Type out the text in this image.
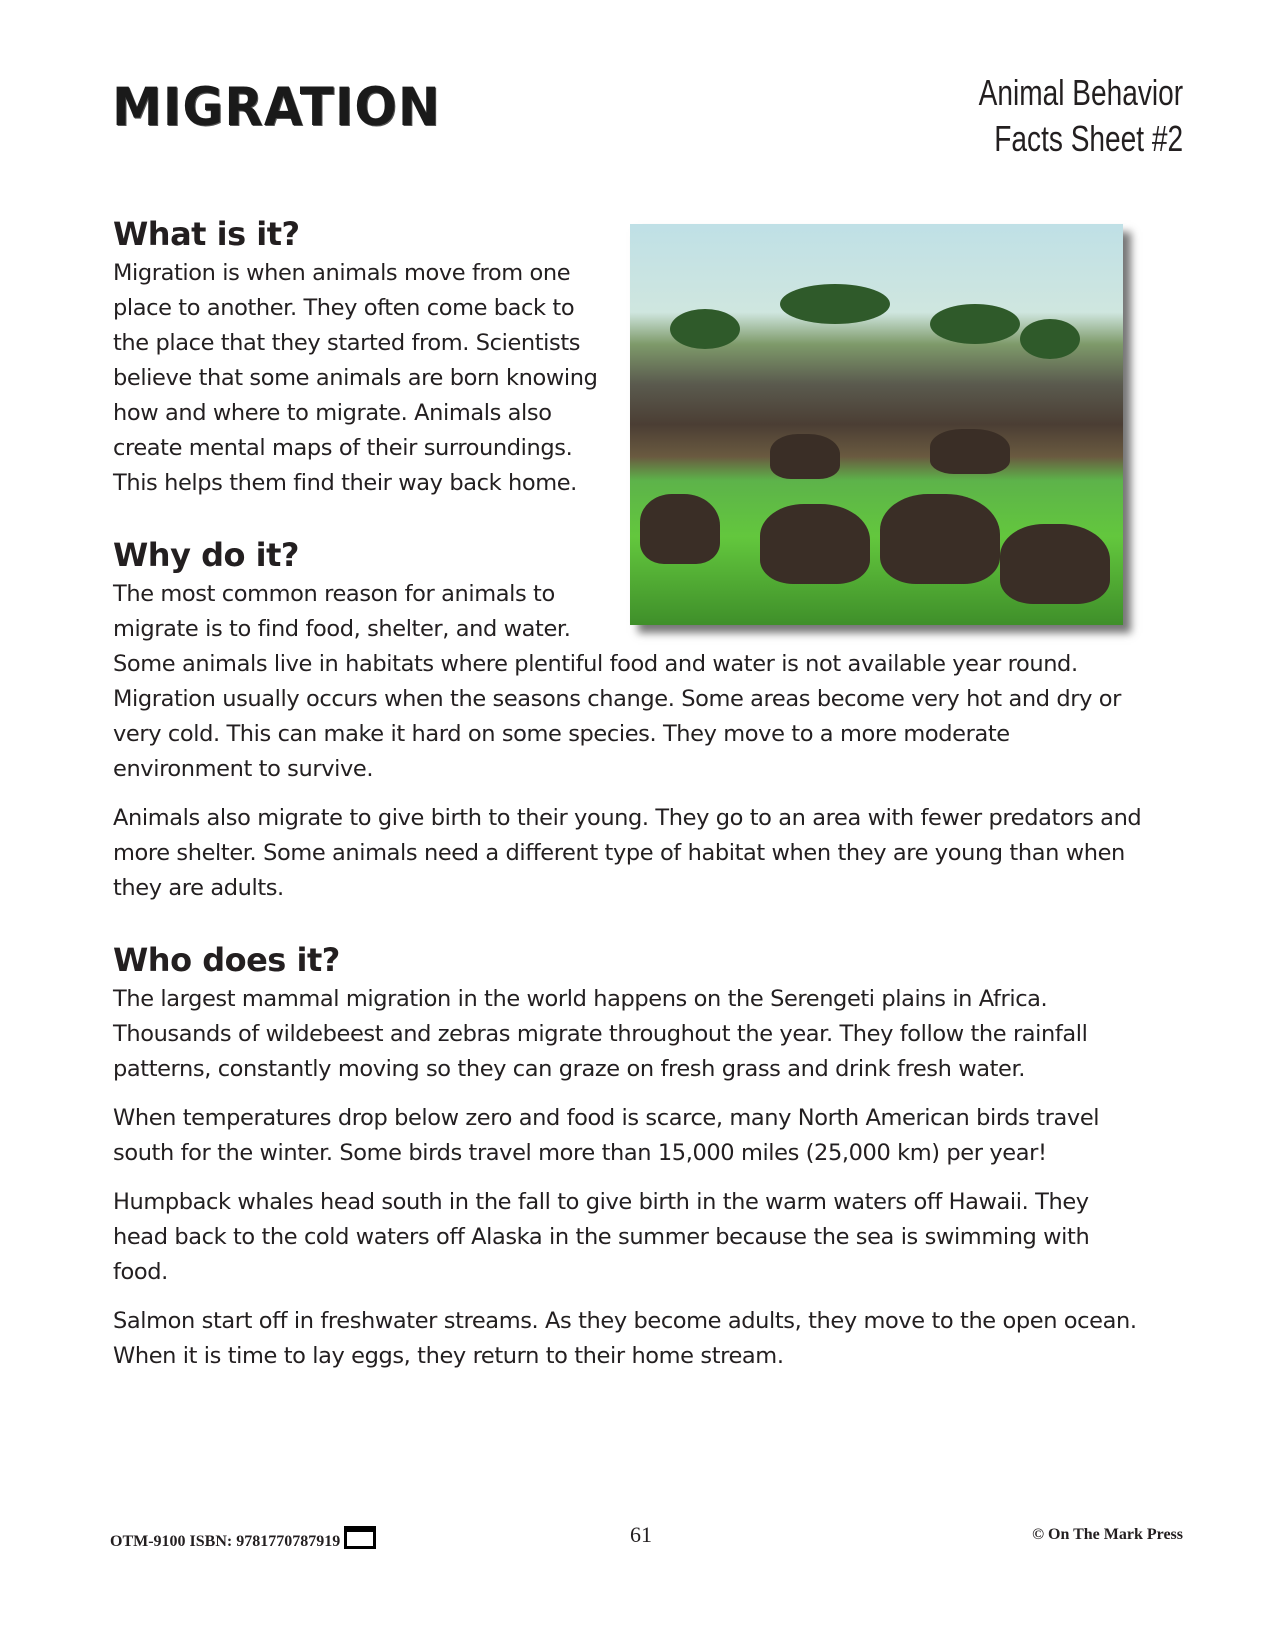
MIGRATION	Animal Behavior
Facts Sheet #2
What is it?

Migration is when animals move from one place to another. They often come back to the place that they started from. Scientists believe that some animals are born knowing how and where to migrate. Animals also create mental maps of their surroundings. This helps them find their way back home.

Why do it?

The most common reason for animals to migrate is to find food, shelter, and water. Some animals live in habitats where plentiful food and water is not available year round. Migration usually occurs when the seasons change. Some areas become very hot and dry or very cold. This can make it hard on some species. They move to a more moderate environment to survive.

Animals also migrate to give birth to their young. They go to an area with fewer predators and more shelter. Some animals need a different type of habitat when they are young than when they are adults.

Who does it?

The largest mammal migration in the world happens on the Serengeti plains in Africa. Thousands of wildebeest and zebras migrate throughout the year. They follow the rainfall patterns, constantly moving so they can graze on fresh grass and drink fresh water.

When temperatures drop below zero and food is scarce, many North American birds travel south for the winter. Some birds travel more than 15,000 miles (25,000 km) per year!

Humpback whales head south in the fall to give birth in the warm waters off Hawaii. They head back to the cold waters off Alaska in the summer because the sea is swimming with food.

Salmon start off in freshwater streams. As they become adults, they move to the open ocean. When it is time to lay eggs, they return to their home stream.

OTM-9100 ISBN: 9781770787919	61	© On The Mark Press
